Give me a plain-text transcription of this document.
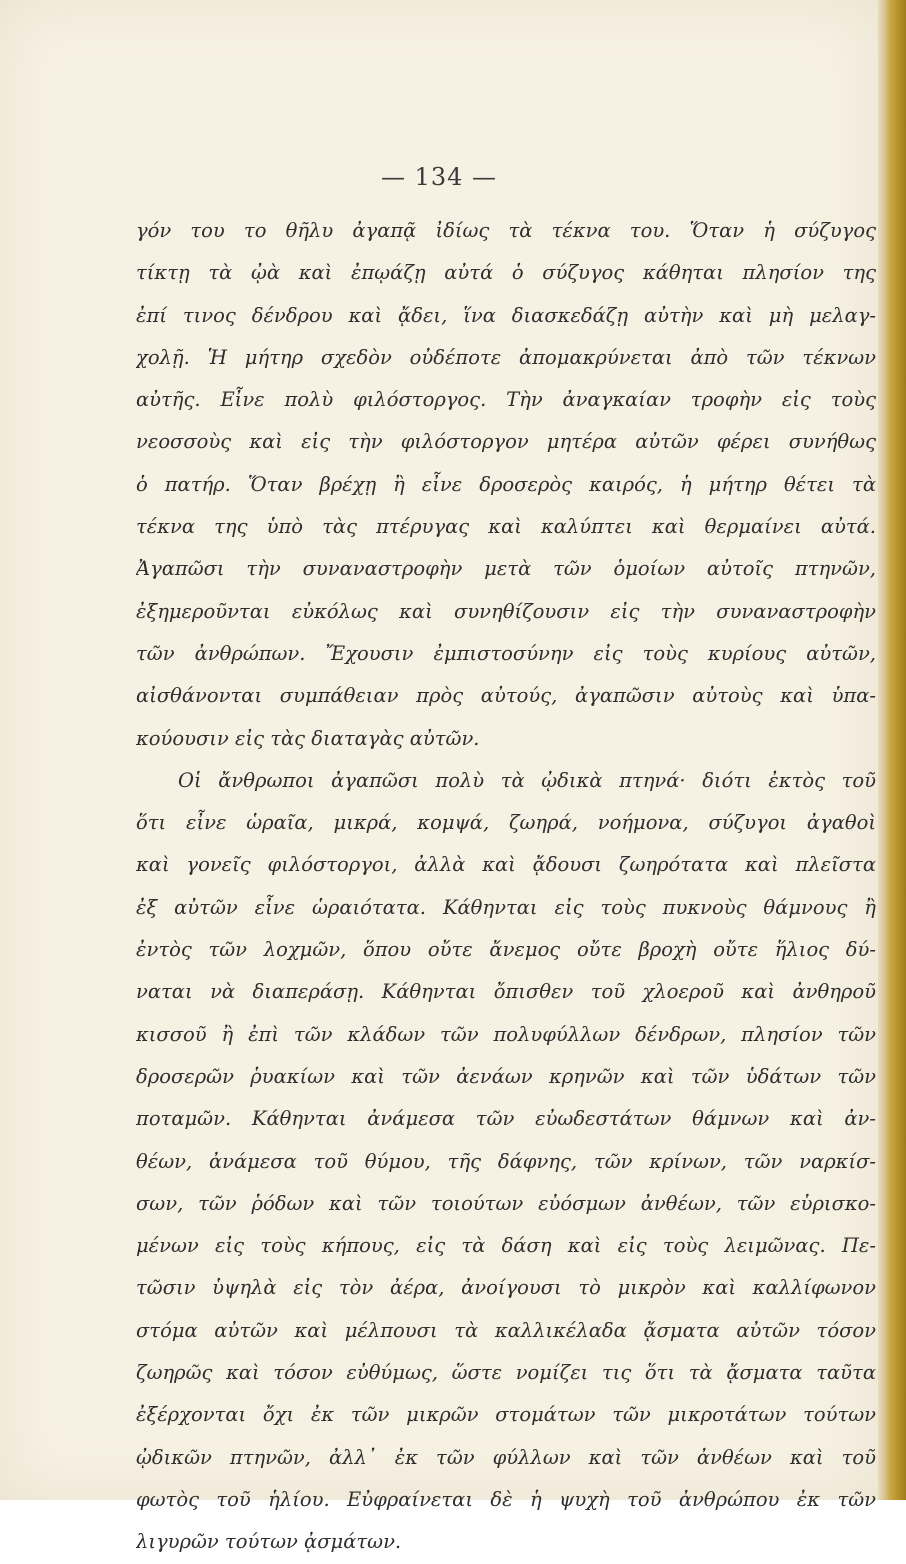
— 134 —
γόν του το θῆλυ ἀγαπᾷ ἰδίως τὰ τέκνα του. Ὅταν ἡ σύζυγος
τίκτῃ τὰ ᾠὰ καὶ ἐπῳάζῃ αὐτά ὁ σύζυγος κάθηται πλησίον της
ἐπί τινος δένδρου καὶ ᾄδει, ἵνα διασκεδάζῃ αὐτὴν καὶ μὴ μελαγ-
χολῇ. Ἡ μήτηρ σχεδὸν οὐδέποτε ἀπομακρύνεται ἀπὸ τῶν τέκνων
αὐτῆς. Εἶνε πολὺ φιλόστοργος. Τὴν ἀναγκαίαν τροφὴν εἰς τοὺς
νεοσσοὺς καὶ εἰς τὴν φιλόστοργον μητέρα αὐτῶν φέρει συνήθως
ὁ πατήρ. Ὅταν βρέχῃ ἢ εἶνε δροσερὸς καιρός, ἡ μήτηρ θέτει τὰ
τέκνα της ὑπὸ τὰς πτέρυγας καὶ καλύπτει καὶ θερμαίνει αὐτά.
Ἀγαπῶσι τὴν συναναστροφὴν μετὰ τῶν ὁμοίων αὐτοῖς πτηνῶν,
ἐξημεροῦνται εὐκόλως καὶ συνηθίζουσιν εἰς τὴν συναναστροφὴν
τῶν ἀνθρώπων. Ἔχουσιν ἐμπιστοσύνην εἰς τοὺς κυρίους αὐτῶν,
αἰσθάνονται συμπάθειαν πρὸς αὐτούς, ἀγαπῶσιν αὐτοὺς καὶ ὑπα-
κούουσιν εἰς τὰς διαταγὰς αὐτῶν.
Οἱ ἄνθρωποι ἀγαπῶσι πολὺ τὰ ᾠδικὰ πτηνά· διότι ἐκτὸς τοῦ
ὅτι εἶνε ὡραῖα, μικρά, κομψά, ζωηρά, νοήμονα, σύζυγοι ἀγαθοὶ
καὶ γονεῖς φιλόστοργοι, ἀλλὰ καὶ ᾄδουσι ζωηρότατα καὶ πλεῖστα
ἐξ αὐτῶν εἶνε ὡραιότατα. Κάθηνται εἰς τοὺς πυκνοὺς θάμνους ἢ
ἐντὸς τῶν λοχμῶν, ὅπου οὔτε ἄνεμος οὔτε βροχὴ οὔτε ἥλιος δύ-
ναται νὰ διαπεράσῃ. Κάθηνται ὄπισθεν τοῦ χλοεροῦ καὶ ἀνθηροῦ
κισσοῦ ἢ ἐπὶ τῶν κλάδων τῶν πολυφύλλων δένδρων, πλησίον τῶν
δροσερῶν ῥυακίων καὶ τῶν ἀενάων κρηνῶν καὶ τῶν ὑδάτων τῶν
ποταμῶν. Κάθηνται ἀνάμεσα τῶν εὐωδεστάτων θάμνων καὶ ἀν-
θέων, ἀνάμεσα τοῦ θύμου, τῆς δάφνης, τῶν κρίνων, τῶν ναρκίσ-
σων, τῶν ῥόδων καὶ τῶν τοιούτων εὐόσμων ἀνθέων, τῶν εὑρισκο-
μένων εἰς τοὺς κήπους, εἰς τὰ δάση καὶ εἰς τοὺς λειμῶνας. Πε-
τῶσιν ὑψηλὰ εἰς τὸν ἀέρα, ἀνοίγουσι τὸ μικρὸν καὶ καλλίφωνον
στόμα αὐτῶν καὶ μέλπουσι τὰ καλλικέλαδα ᾄσματα αὐτῶν τόσον
ζωηρῶς καὶ τόσον εὐθύμως, ὥστε νομίζει τις ὅτι τὰ ᾄσματα ταῦτα
ἐξέρχονται ὄχι ἐκ τῶν μικρῶν στομάτων τῶν μικροτάτων τούτων
ᾠδικῶν πτηνῶν, ἀλλ᾽ ἐκ τῶν φύλλων καὶ τῶν ἀνθέων καὶ τοῦ
φωτὸς τοῦ ἡλίου. Εὐφραίνεται δὲ ἡ ψυχὴ τοῦ ἀνθρώπου ἐκ τῶν
λιγυρῶν τούτων ᾀσμάτων.
